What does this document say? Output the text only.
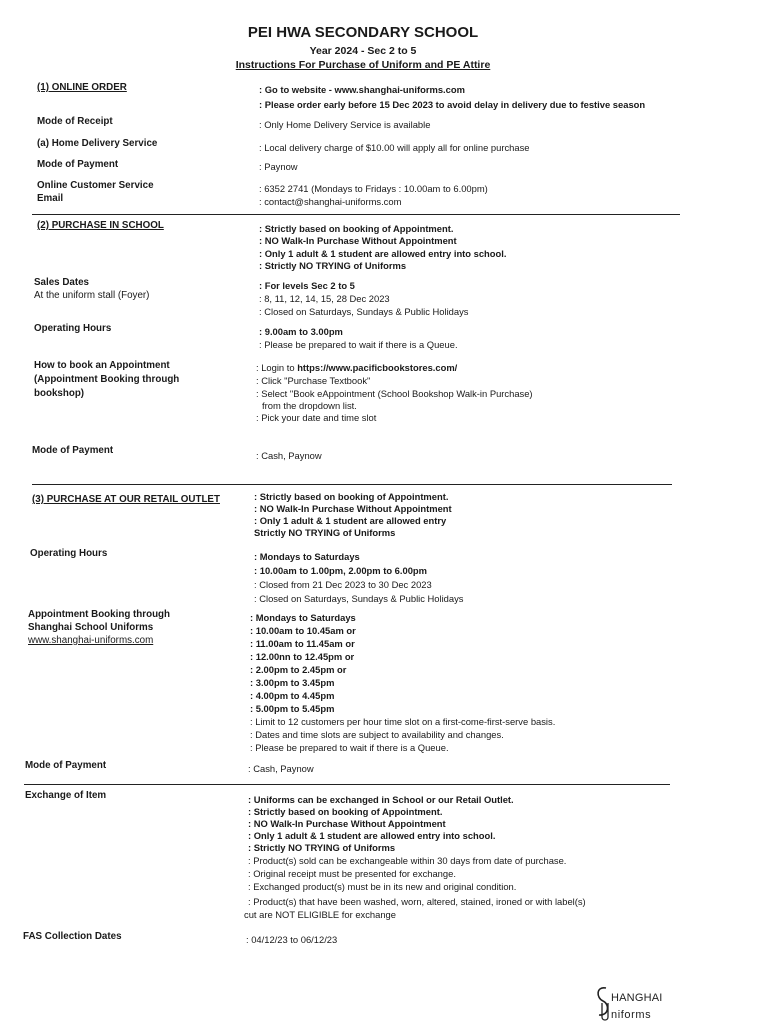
PEI HWA SECONDARY SCHOOL
Year 2024 - Sec 2 to 5
Instructions For Purchase of Uniform and PE Attire
(1) ONLINE ORDER	: Go to website - www.shanghai-uniforms.com
: Please order early before 15 Dec 2023 to avoid delay in delivery due to festive season
Mode of Receipt	: Only Home Delivery Service is available
(a) Home Delivery Service	: Local delivery charge of $10.00 will apply all for online purchase
Mode of Payment	: Paynow
Online Customer Service
Email
: 6352 2741 (Mondays to Fridays : 10.00am to 6.00pm)
: contact@shanghai-uniforms.com
(2) PURCHASE IN SCHOOL	: Strictly based on booking of Appointment.
: NO Walk-In Purchase Without Appointment
: Only 1 adult & 1 student are allowed entry into school.
: Strictly NO TRYING of Uniforms
Sales Dates
At the uniform stall (Foyer)
: For levels Sec 2 to 5
: 8, 11, 12, 14, 15, 28 Dec 2023
: Closed on Saturdays, Sundays & Public Holidays
Operating Hours	: 9.00am to 3.00pm
: Please be prepared to wait if there is a Queue.
How to book an Appointment
(Appointment Booking through
bookshop)
: Login to https://www.pacificbookstores.com/
: Click "Purchase Textbook"
: Select "Book eAppointment (School Bookshop Walk-in Purchase)
from the dropdown list.
: Pick your date and time slot
Mode of Payment	: Cash, Paynow
(3) PURCHASE AT OUR RETAIL OUTLET	: Strictly based on booking of Appointment.
: NO Walk-In Purchase Without Appointment
: Only 1 adult & 1 student are allowed entry
Strictly NO TRYING of Uniforms
Operating Hours	: Mondays to Saturdays
: 10.00am to 1.00pm, 2.00pm to 6.00pm
: Closed from 21 Dec 2023 to 30 Dec 2023
: Closed on Saturdays, Sundays & Public Holidays
Appointment Booking through
Shanghai School Uniforms
www.shanghai-uniforms.com
: Mondays to Saturdays
: 10.00am to 10.45am or
: 11.00am to 11.45am or
: 12.00nn to 12.45pm or
: 2.00pm to 2.45pm or
: 3.00pm to 3.45pm
: 4.00pm to 4.45pm
: 5.00pm to 5.45pm
: Limit to 12 customers per hour time slot on a first-come-first-serve basis.
: Dates and time slots are subject to availability and changes.
: Please be prepared to wait if there is a Queue.
Mode of Payment	: Cash, Paynow
Exchange of Item	: Uniforms can be exchanged in School or our Retail Outlet.
: Strictly based on booking of Appointment.
: NO Walk-In Purchase Without Appointment
: Only 1 adult & 1 student are allowed entry into school.
: Strictly NO TRYING of Uniforms
: Product(s) sold can be exchangeable within 30 days from date of purchase.
: Original receipt must be presented for exchange.
: Exchanged product(s) must be in its new and original condition.
: Product(s) that have been washed, worn, altered, stained, ironed or with label(s)
cut are NOT ELIGIBLE for exchange
FAS Collection Dates	: 04/12/23 to 06/12/23
HANGHAI
niforms
